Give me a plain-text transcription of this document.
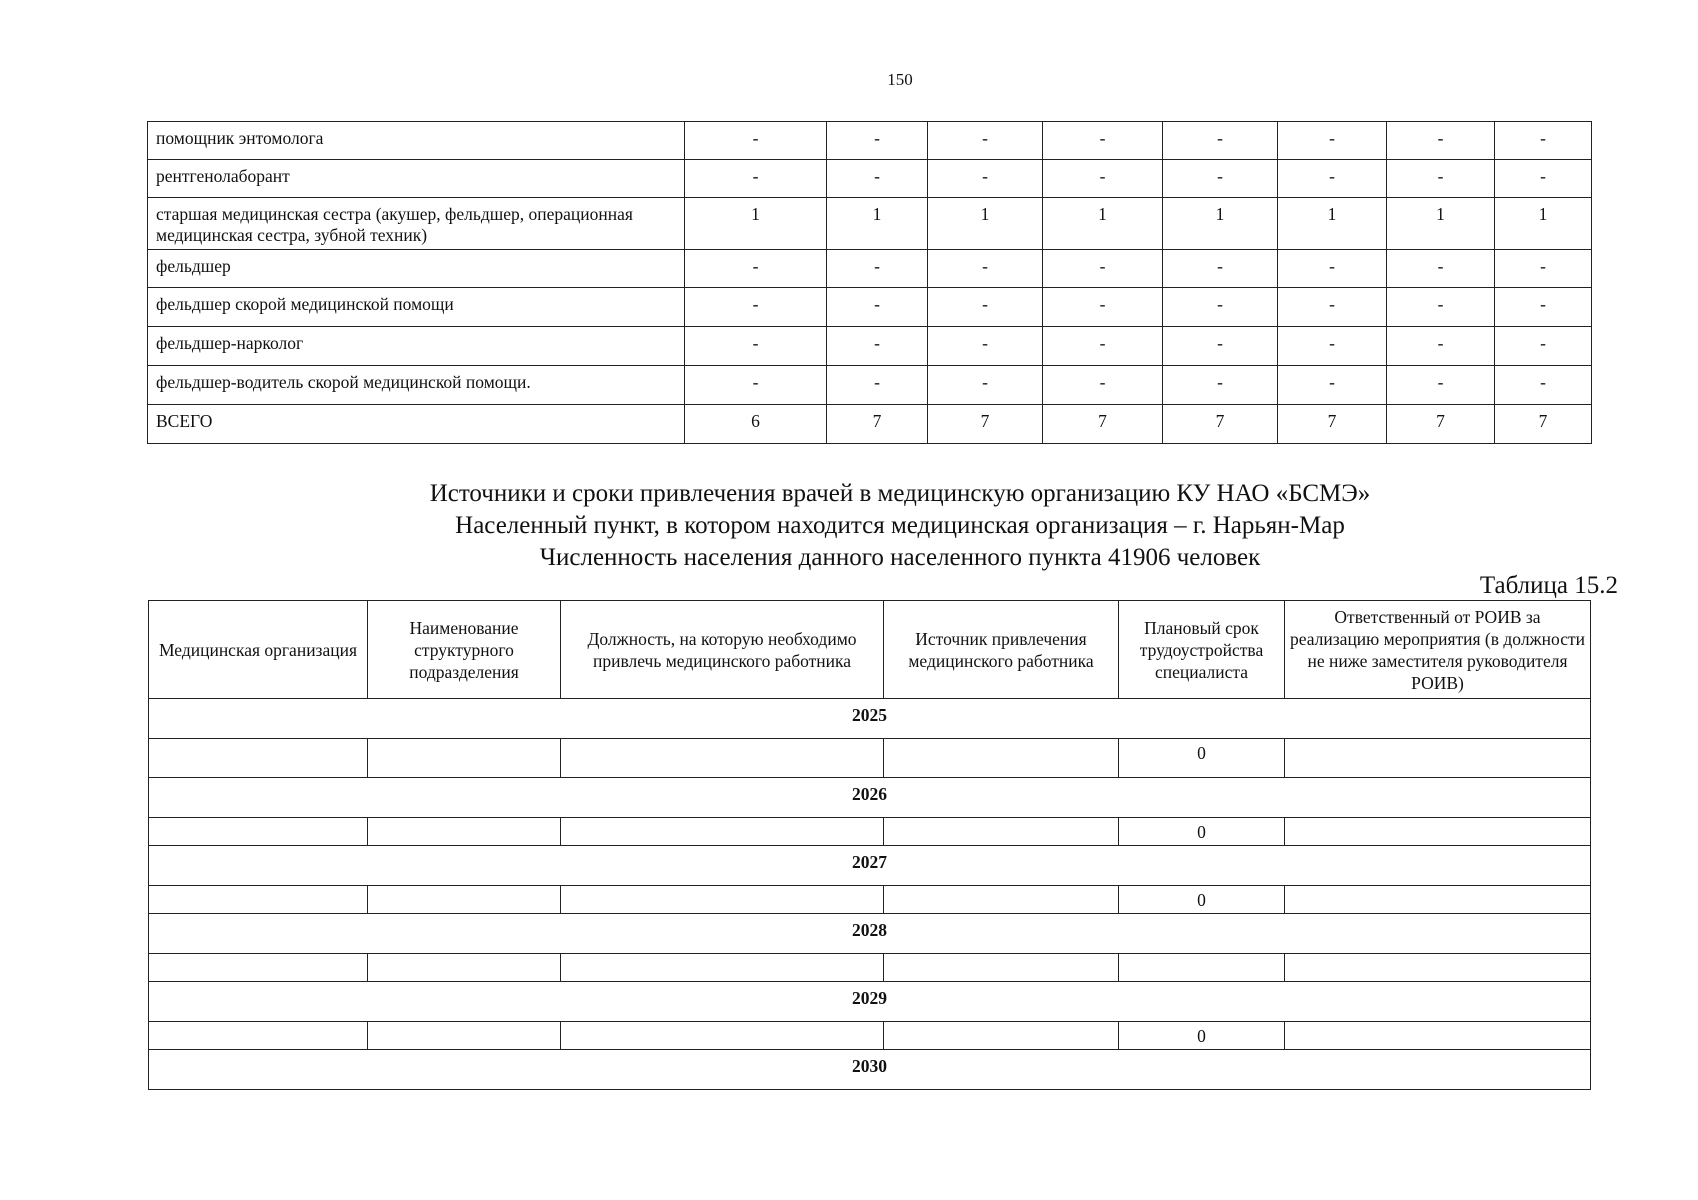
150
помощник энтомолога	-	-	-	-	-	-	-	-
рентгенолаборант	-	-	-	-	-	-	-	-
старшая медицинская сестра (акушер, фельдшер, операционная медицинская сестра, зубной техник)	1	1	1	1	1	1	1	1
фельдшер	-	-	-	-	-	-	-	-
фельдшер скорой медицинской помощи	-	-	-	-	-	-	-	-
фельдшер-нарколог	-	-	-	-	-	-	-	-
фельдшер-водитель скорой медицинской помощи.	-	-	-	-	-	-	-	-
ВСЕГО	6	7	7	7	7	7	7	7
Источники и сроки привлечения врачей в медицинскую организацию КУ НАО «БСМЭ»
Населенный пункт, в котором находится медицинская организация – г. Нарьян-Мар
Численность населения данного населенного пункта 41906 человек
Таблица 15.2
Медицинская организация	Наименование структурного подразделения	Должность, на которую необходимо привлечь медицинского работника	Источник привлечения медицинского работника	Плановый срок трудоустройства специалиста	Ответственный от РОИВ за реализацию мероприятия (в должности не ниже заместителя руководителя РОИВ)
2025					
				0	
2026					
				0	
2027					
				0	
2028					

2029					
				0	
2030					
